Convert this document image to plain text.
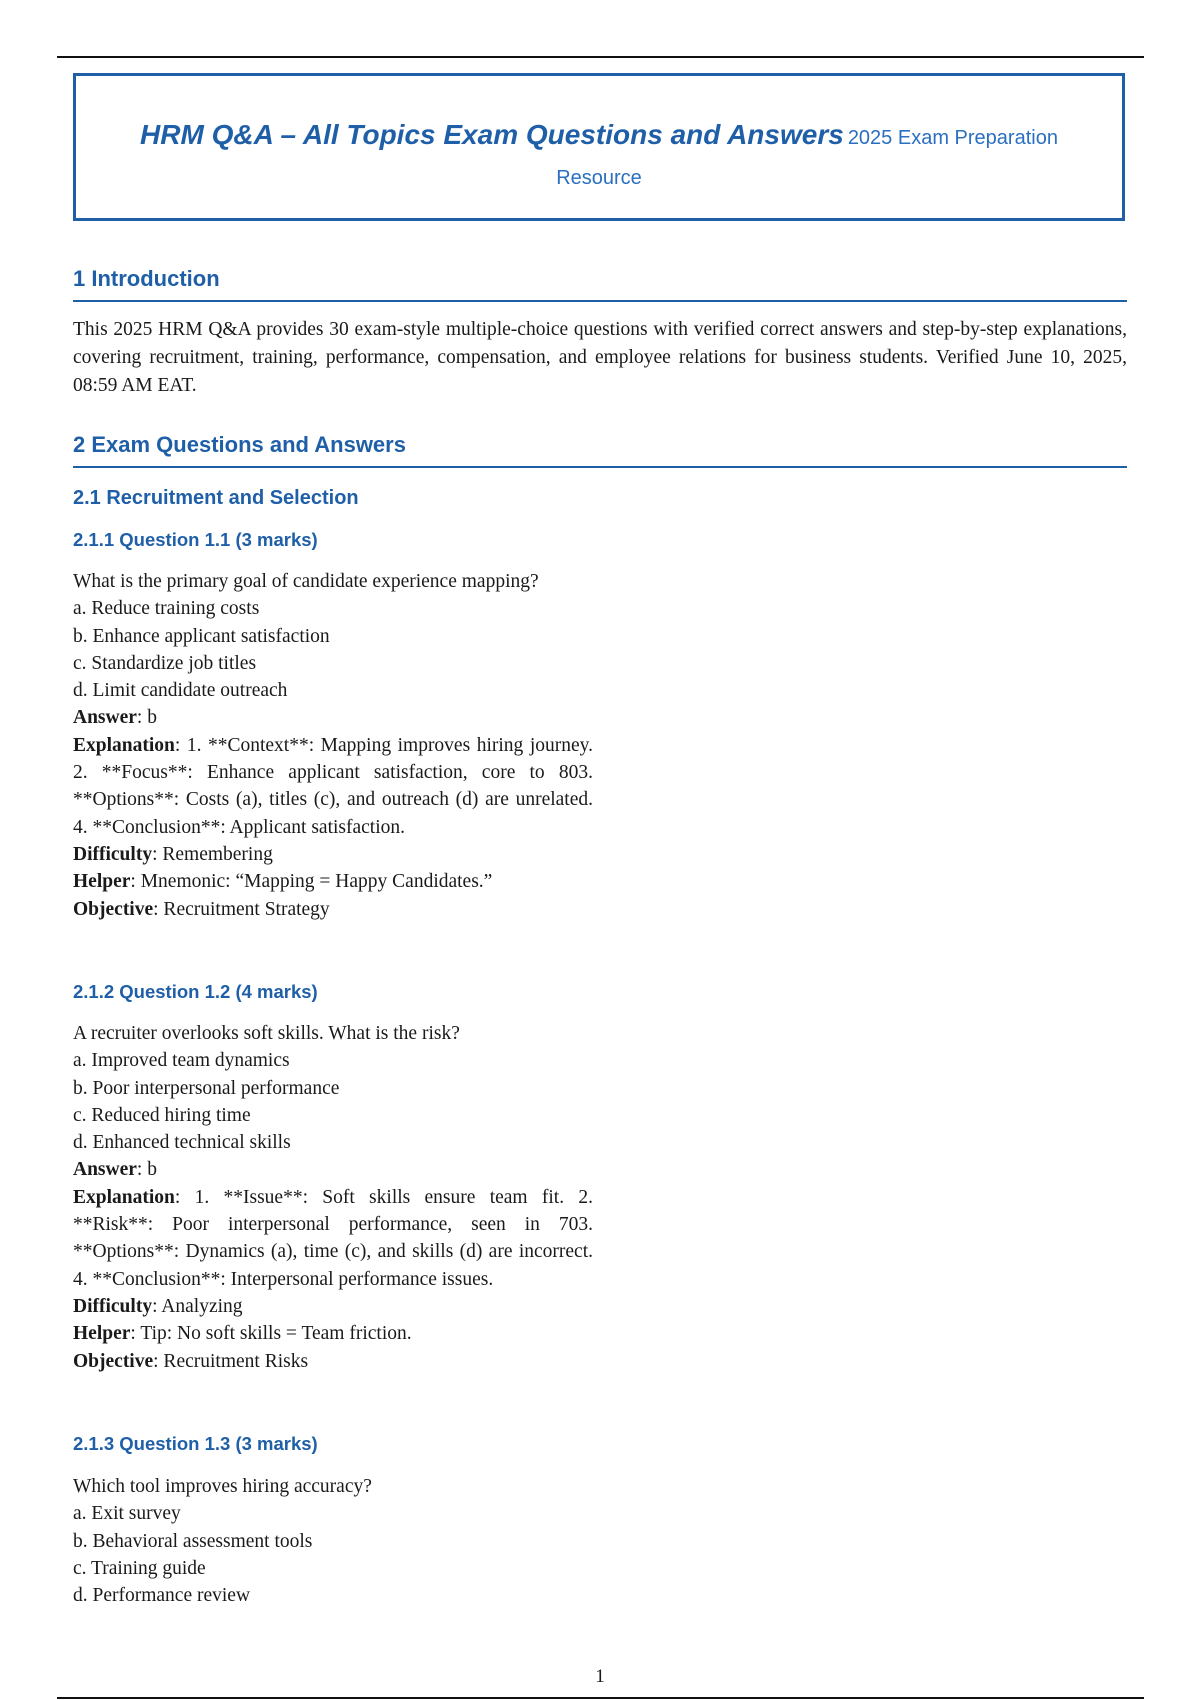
HRM Q&A – All Topics Exam Questions and Answers 2025 Exam Preparation
Resource
1 Introduction

This 2025 HRM Q&A provides 30 exam-style multiple-choice questions with verified correct answers and step-by-step explanations, covering recruitment, training, performance, compensation, and employee relations for business students. Verified June 10, 2025, 08:59 AM EAT.

2 Exam Questions and Answers
2.1 Recruitment and Selection
2.1.1 Question 1.1 (3 marks)

What is the primary goal of candidate experience mapping?

a. Reduce training costs

b. Enhance applicant satisfaction

c. Standardize job titles

d. Limit candidate outreach

Answer: b

Explanation: 1. **Context**: Mapping improves hiring journey. 2. **Focus**: Enhance applicant satisfaction, core to 803. **Options**: Costs (a), titles (c), and outreach (d) are unrelated. 4. **Conclusion**: Applicant satisfaction.

Difficulty: Remembering

Helper: Mnemonic: “Mapping = Happy Candidates.”

Objective: Recruitment Strategy

2.1.2 Question 1.2 (4 marks)

A recruiter overlooks soft skills. What is the risk?

a. Improved team dynamics

b. Poor interpersonal performance

c. Reduced hiring time

d. Enhanced technical skills

Answer: b

Explanation: 1. **Issue**: Soft skills ensure team fit. 2. **Risk**: Poor interpersonal performance, seen in 703. **Options**: Dynamics (a), time (c), and skills (d) are incorrect. 4. **Conclusion**: Interpersonal performance issues.

Difficulty: Analyzing

Helper: Tip: No soft skills = Team friction.

Objective: Recruitment Risks

2.1.3 Question 1.3 (3 marks)

Which tool improves hiring accuracy?

a. Exit survey

b. Behavioral assessment tools

c. Training guide

d. Performance review

1
